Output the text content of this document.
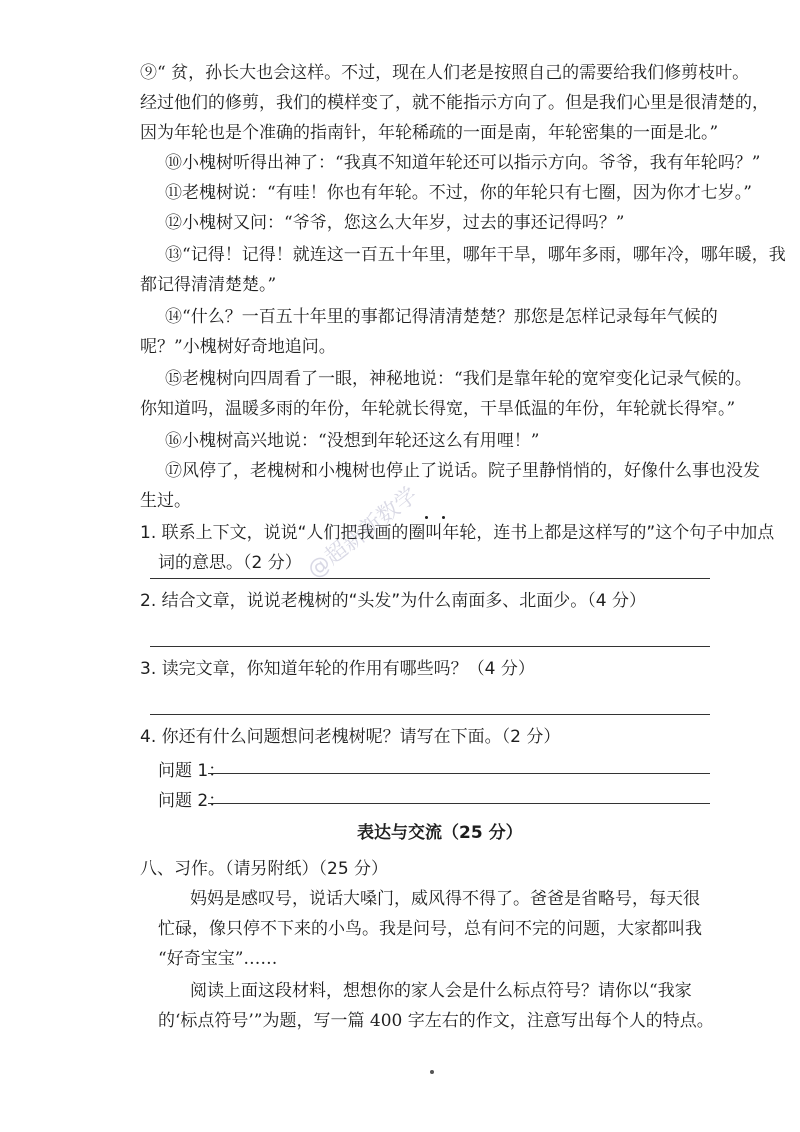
⑨“ 贫，孙长大也会这样。不过，现在人们老是按照自己的需要给我们修剪枝叶。
经过他们的修剪，我们的模样变了，就不能指示方向了。但是我们心里是很清楚的，
因为年轮也是个准确的指南针，年轮稀疏的一面是南，年轮密集的一面是北。”
⑩小槐树听得出神了：“我真不知道年轮还可以指示方向。爷爷，我有年轮吗？”
⑪老槐树说：“有哇！你也有年轮。不过，你的年轮只有七圈，因为你才七岁。”
⑫小槐树又问：“爷爷，您这么大年岁，过去的事还记得吗？”
⑬“记得！记得！就连这一百五十年里，哪年干旱，哪年多雨，哪年冷，哪年暖，我
都记得清清楚楚。”
⑭“什么？一百五十年里的事都记得清清楚楚？那您是怎样记录每年气候的
呢？”小槐树好奇地追问。
⑮老槐树向四周看了一眼，神秘地说：“我们是靠年轮的宽窄变化记录气候的。
你知道吗，温暖多雨的年份，年轮就长得宽，干旱低温的年份，年轮就长得窄。”
⑯小槐树高兴地说：“没想到年轮还这么有用哩！”
⑰风停了，老槐树和小槐树也停止了说话。院子里静悄悄的，好像什么事也没发
生过。
1. 联系上下文，说说“人们把我画的圈叫年轮，连书上都是这样写的”这个句子中加点
词的意思。（2 分）
2. 结合文章，说说老槐树的“头发”为什么南面多、北面少。（4 分）
3. 读完文章，你知道年轮的作用有哪些吗？（4 分）
4. 你还有什么问题想问老槐树呢？请写在下面。（2 分）
问题 1：
问题 2：
表达与交流（25 分）
八、习作。（请另附纸）（25 分）
妈妈是感叹号，说话大嗓门，威风得不得了。爸爸是省略号，每天很
忙碌，像只停不下来的小鸟。我是问号，总有问不完的问题，大家都叫我
“好奇宝宝”……
阅读上面这段材料，想想你的家人会是什么标点符号？请你以“我家
的‘标点符号’”为题，写一篇 400 字左右的作文，注意写出每个人的特点。
@超新新数学
